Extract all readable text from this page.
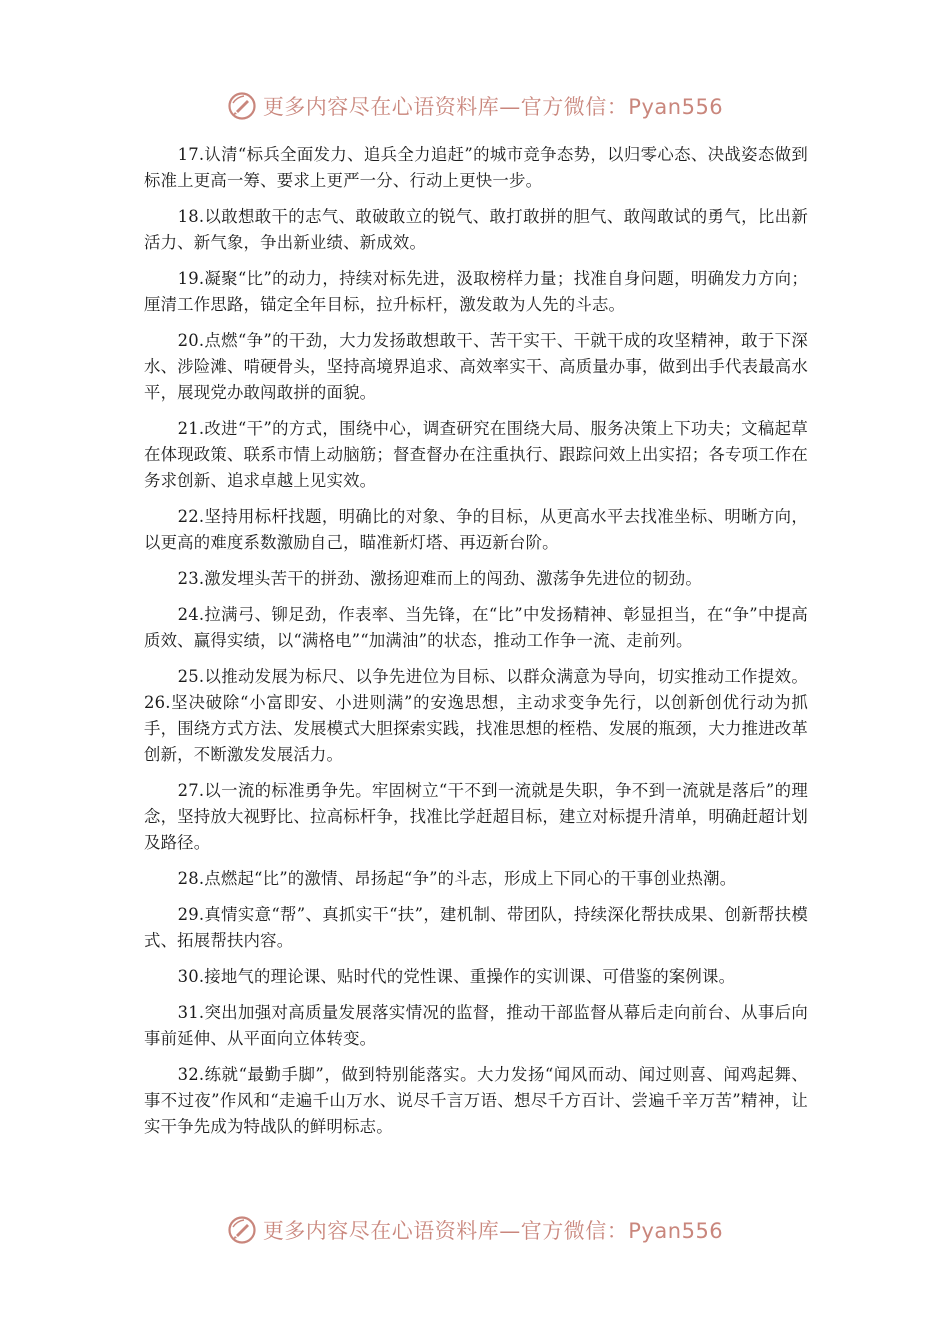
更多内容尽在心语资料库—官方微信：Pyan556

17.认清“标兵全面发力、追兵全力追赶”的城市竞争态势，以归零心态、决战姿态做到标准上更高一筹、要求上更严一分、行动上更快一步。

18.以敢想敢干的志气、敢破敢立的锐气、敢打敢拼的胆气、敢闯敢试的勇气，比出新活力、新气象，争出新业绩、新成效。

19.凝聚“比”的动力，持续对标先进，汲取榜样力量；找准自身问题，明确发力方向；厘清工作思路，锚定全年目标，拉升标杆，激发敢为人先的斗志。

20.点燃“争”的干劲，大力发扬敢想敢干、苦干实干、干就干成的攻坚精神，敢于下深水、涉险滩、啃硬骨头，坚持高境界追求、高效率实干、高质量办事，做到出手代表最高水平，展现党办敢闯敢拼的面貌。

21.改进“干”的方式，围绕中心，调查研究在围绕大局、服务决策上下功夫；文稿起草在体现政策、联系市情上动脑筋；督查督办在注重执行、跟踪问效上出实招；各专项工作在务求创新、追求卓越上见实效。

22.坚持用标杆找题，明确比的对象、争的目标，从更高水平去找准坐标、明晰方向，以更高的难度系数激励自己，瞄准新灯塔、再迈新台阶。

23.激发埋头苦干的拼劲、激扬迎难而上的闯劲、激荡争先进位的韧劲。

24.拉满弓、铆足劲，作表率、当先锋，在“比”中发扬精神、彰显担当，在“争”中提高质效、赢得实绩，以“满格电”“加满油”的状态，推动工作争一流、走前列。

25.以推动发展为标尺、以争先进位为目标、以群众满意为导向，切实推动工作提效。26.坚决破除“小富即安、小进则满”的安逸思想，主动求变争先行，以创新创优行动为抓手，围绕方式方法、发展模式大胆探索实践，找准思想的桎梏、发展的瓶颈，大力推进改革创新，不断激发发展活力。

27.以一流的标准勇争先。牢固树立“干不到一流就是失职，争不到一流就是落后”的理念，坚持放大视野比、拉高标杆争，找准比学赶超目标，建立对标提升清单，明确赶超计划及路径。

28.点燃起“比”的激情、昂扬起“争”的斗志，形成上下同心的干事创业热潮。

29.真情实意“帮”、真抓实干“扶”，建机制、带团队，持续深化帮扶成果、创新帮扶模式、拓展帮扶内容。

30.接地气的理论课、贴时代的党性课、重操作的实训课、可借鉴的案例课。

31.突出加强对高质量发展落实情况的监督，推动干部监督从幕后走向前台、从事后向事前延伸、从平面向立体转变。

32.练就“最勤手脚”，做到特别能落实。大力发扬“闻风而动、闻过则喜、闻鸡起舞、事不过夜”作风和“走遍千山万水、说尽千言万语、想尽千方百计、尝遍千辛万苦”精神，让实干争先成为特战队的鲜明标志。

更多内容尽在心语资料库—官方微信：Pyan556
